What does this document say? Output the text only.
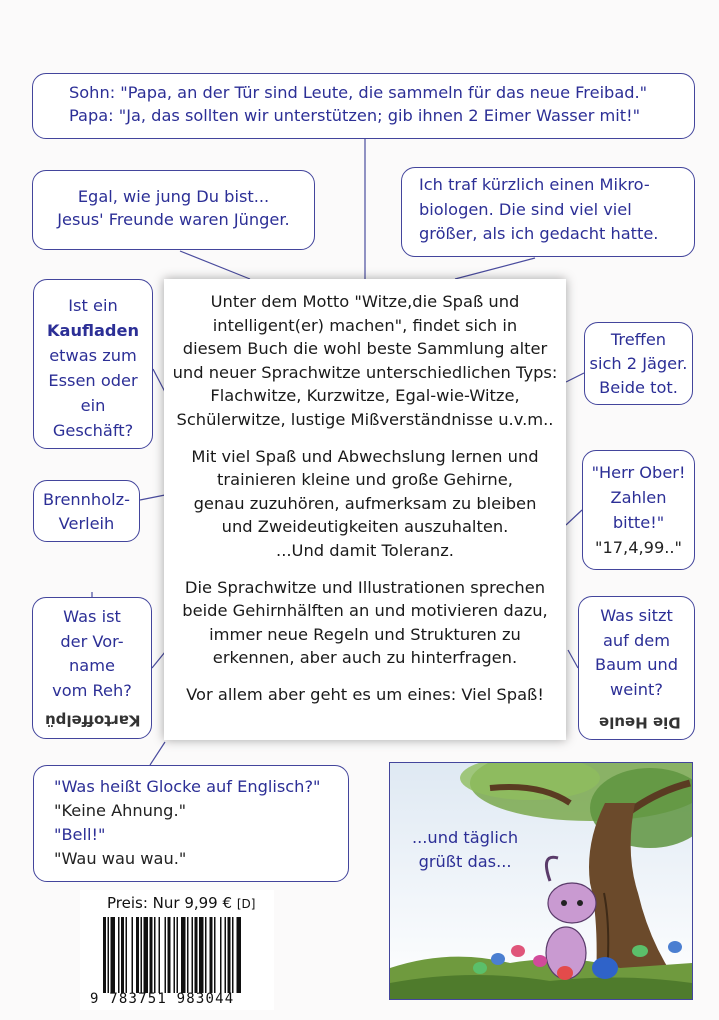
Sohn: "Papa, an der Tür sind Leute, die sammeln für das neue Freibad."
Papa: "Ja, das sollten wir unterstützen; gib ihnen 2 Eimer Wasser mit!"
Egal, wie jung Du bist...
Jesus' Freunde waren Jünger.
Ich traf kürzlich einen Mikro-
biologen. Die sind viel viel
größer, als ich gedacht hatte.
Ist ein
Kaufladen
etwas zum
Essen oder
ein
Geschäft?
Treffen
sich 2 Jäger.
Beide tot.
Brennholz-
Verleih
"Herr Ober!
Zahlen
bitte!"
"17,4,99.."
Was ist
der Vor-
name
vom Reh?
Kartoffelpü
Was sitzt
auf dem
Baum und
weint?
Die Heule
"Was heißt Glocke auf Englisch?"
"Keine Ahnung."
"Bell!"
"Wau wau wau."

Unter dem Motto "Witze,die Spaß und
intelligent(er) machen", findet sich in
diesem Buch die wohl beste Sammlung alter
und neuer Sprachwitze unterschiedlichen Typs:
Flachwitze, Kurzwitze, Egal-wie-Witze,
Schülerwitze, lustige Mißverständnisse u.v.m..

Mit viel Spaß und Abwechslung lernen und
trainieren kleine und große Gehirne,
genau zuzuhören, aufmerksam zu bleiben
und Zweideutigkeiten auszuhalten.
...Und damit Toleranz.

Die Sprachwitze und Illustrationen sprechen
beide Gehirnhälften an und motivieren dazu,
immer neue Regeln und Strukturen zu
erkennen, aber auch zu hinterfragen.

Vor allem aber geht es um eines: Viel Spaß!

Preis: Nur 9,99 € [D]
9 783751 983044
...und täglich
grüßt das...
